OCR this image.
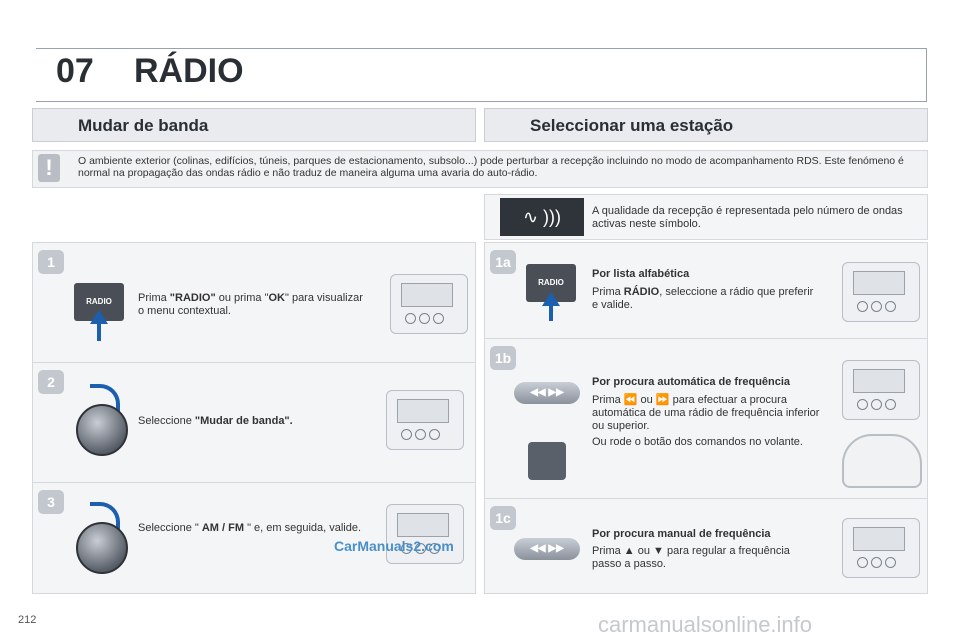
07 RÁDIO
Mudar de banda	Seleccionar uma estação
!	O ambiente exterior (colinas, edifícios, túneis, parques de estacionamento, subsolo...) pode perturbar a recepção incluindo no modo de acompanhamento RDS. Este fenómeno é normal na propagação das ondas rádio e não traduz de maneira alguma uma avaria do auto-rádio.
∿ )))	A qualidade da recepção é representada pelo número de ondas activas neste símbolo.
1
RADIO	Prima "RADIO" ou prima "OK" para visualizar o menu contextual.
2
Seleccione "Mudar de banda".
3
Seleccione " AM / FM " e, em seguida, valide.
1a
RADIO
Por lista alfabética
Prima RÁDIO, seleccione a rádio que preferir e valide.
1b
◀◀ ▶▶
Por procura automática de frequência
Prima ⏪ ou ⏩ para efectuar a procura automática de uma rádio de frequência inferior ou superior.
Ou rode o botão dos comandos no volante.
1c
◀◀ ▶▶
Por procura manual de frequência
Prima ▲ ou ▼ para regular a frequência passo a passo.
212
CarManuals2.com
carmanualsonline.info
